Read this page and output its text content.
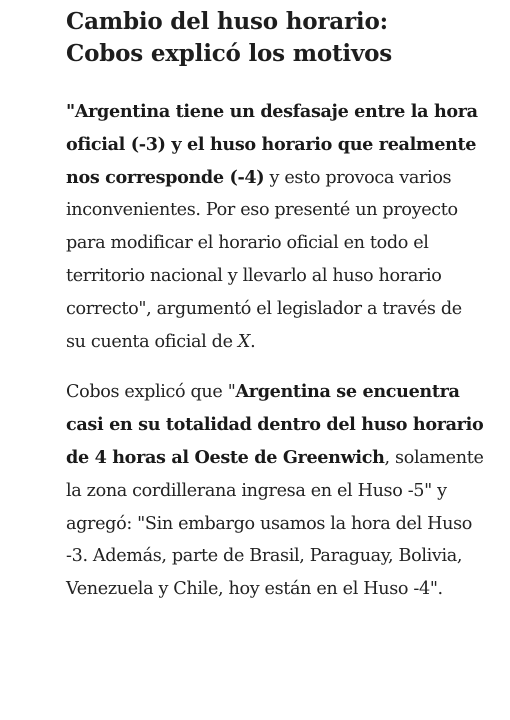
Cambio del huso horario:
Cobos explicó los motivos

"Argentina tiene un desfasaje entre la hora oficial (-3) y el huso horario que realmente nos corresponde (-4) y esto provoca varios inconvenientes. Por eso presenté un proyecto para modificar el horario oficial en todo el territorio nacional y llevarlo al huso horario correcto", argumentó el legislador a través de su cuenta oficial de X.

Cobos explicó que "Argentina se encuentra casi en su totalidad dentro del huso horario de 4 horas al Oeste de Greenwich, solamente la zona cordillerana ingresa en el Huso -5" y agregó: "Sin embargo usamos la hora del Huso -3. Además, parte de Brasil, Paraguay, Bolivia, Venezuela y Chile, hoy están en el Huso -4".
